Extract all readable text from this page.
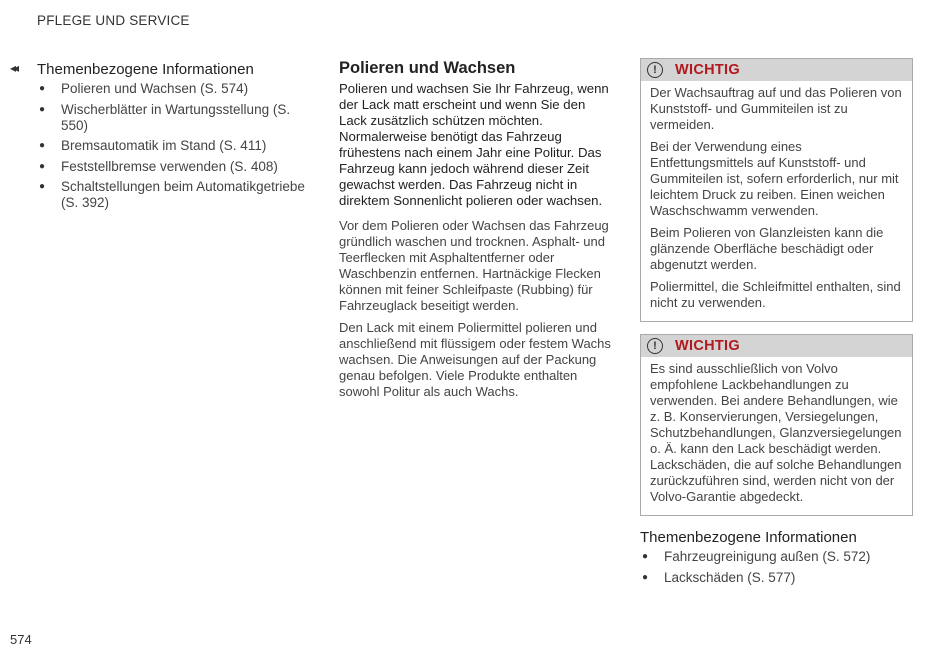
PFLEGE UND SERVICE
◂◂ Themenbezogene Informationen
● Polieren und Wachsen (S. 574)
● Wischerblätter in Wartungsstellung (S. 550)
● Bremsautomatik im Stand (S. 411)
● Feststellbremse verwenden (S. 408)
● Schaltstellungen beim Automatikgetriebe (S. 392)
Polieren und Wachsen

Polieren und wachsen Sie Ihr Fahrzeug, wenn der Lack matt erscheint und wenn Sie den Lack zusätzlich schützen möchten. Normalerweise benötigt das Fahrzeug frühestens nach einem Jahr eine Politur. Das Fahrzeug kann jedoch während dieser Zeit gewachst werden. Das Fahrzeug nicht in direktem Sonnenlicht polieren oder wachsen.

Vor dem Polieren oder Wachsen das Fahrzeug gründlich waschen und trocknen. Asphalt- und Teerflecken mit Asphaltentferner oder Waschbenzin entfernen. Hartnäckige Flecken können mit feiner Schleifpaste (Rubbing) für Fahrzeuglack beseitigt werden.

Den Lack mit einem Poliermittel polieren und anschließend mit flüssigem oder festem Wachs wachsen. Die Anweisungen auf der Packung genau befolgen. Viele Produkte enthalten sowohl Politur als auch Wachs.

!	WICHTIG

Der Wachsauftrag auf und das Polieren von Kunststoff- und Gummiteilen ist zu vermeiden.

Bei der Verwendung eines Entfettungsmittels auf Kunststoff- und Gummiteilen ist, sofern erforderlich, nur mit leichtem Druck zu reiben. Einen weichen Waschschwamm verwenden.

Beim Polieren von Glanzleisten kann die glänzende Oberfläche beschädigt oder abgenutzt werden.

Poliermittel, die Schleifmittel enthalten, sind nicht zu verwenden.

!	WICHTIG

Es sind ausschließlich von Volvo empfohlene Lackbehandlungen zu verwenden. Bei andere Behandlungen, wie z. B. Konservierungen, Versiegelungen, Schutzbehandlungen, Glanzversiegelungen o. Ä. kann den Lack beschädigt werden. Lackschäden, die auf solche Behandlungen zurückzuführen sind, werden nicht von der Volvo-Garantie abgedeckt.

Themenbezogene Informationen
● Fahrzeugreinigung außen (S. 572)
● Lackschäden (S. 577)
574
